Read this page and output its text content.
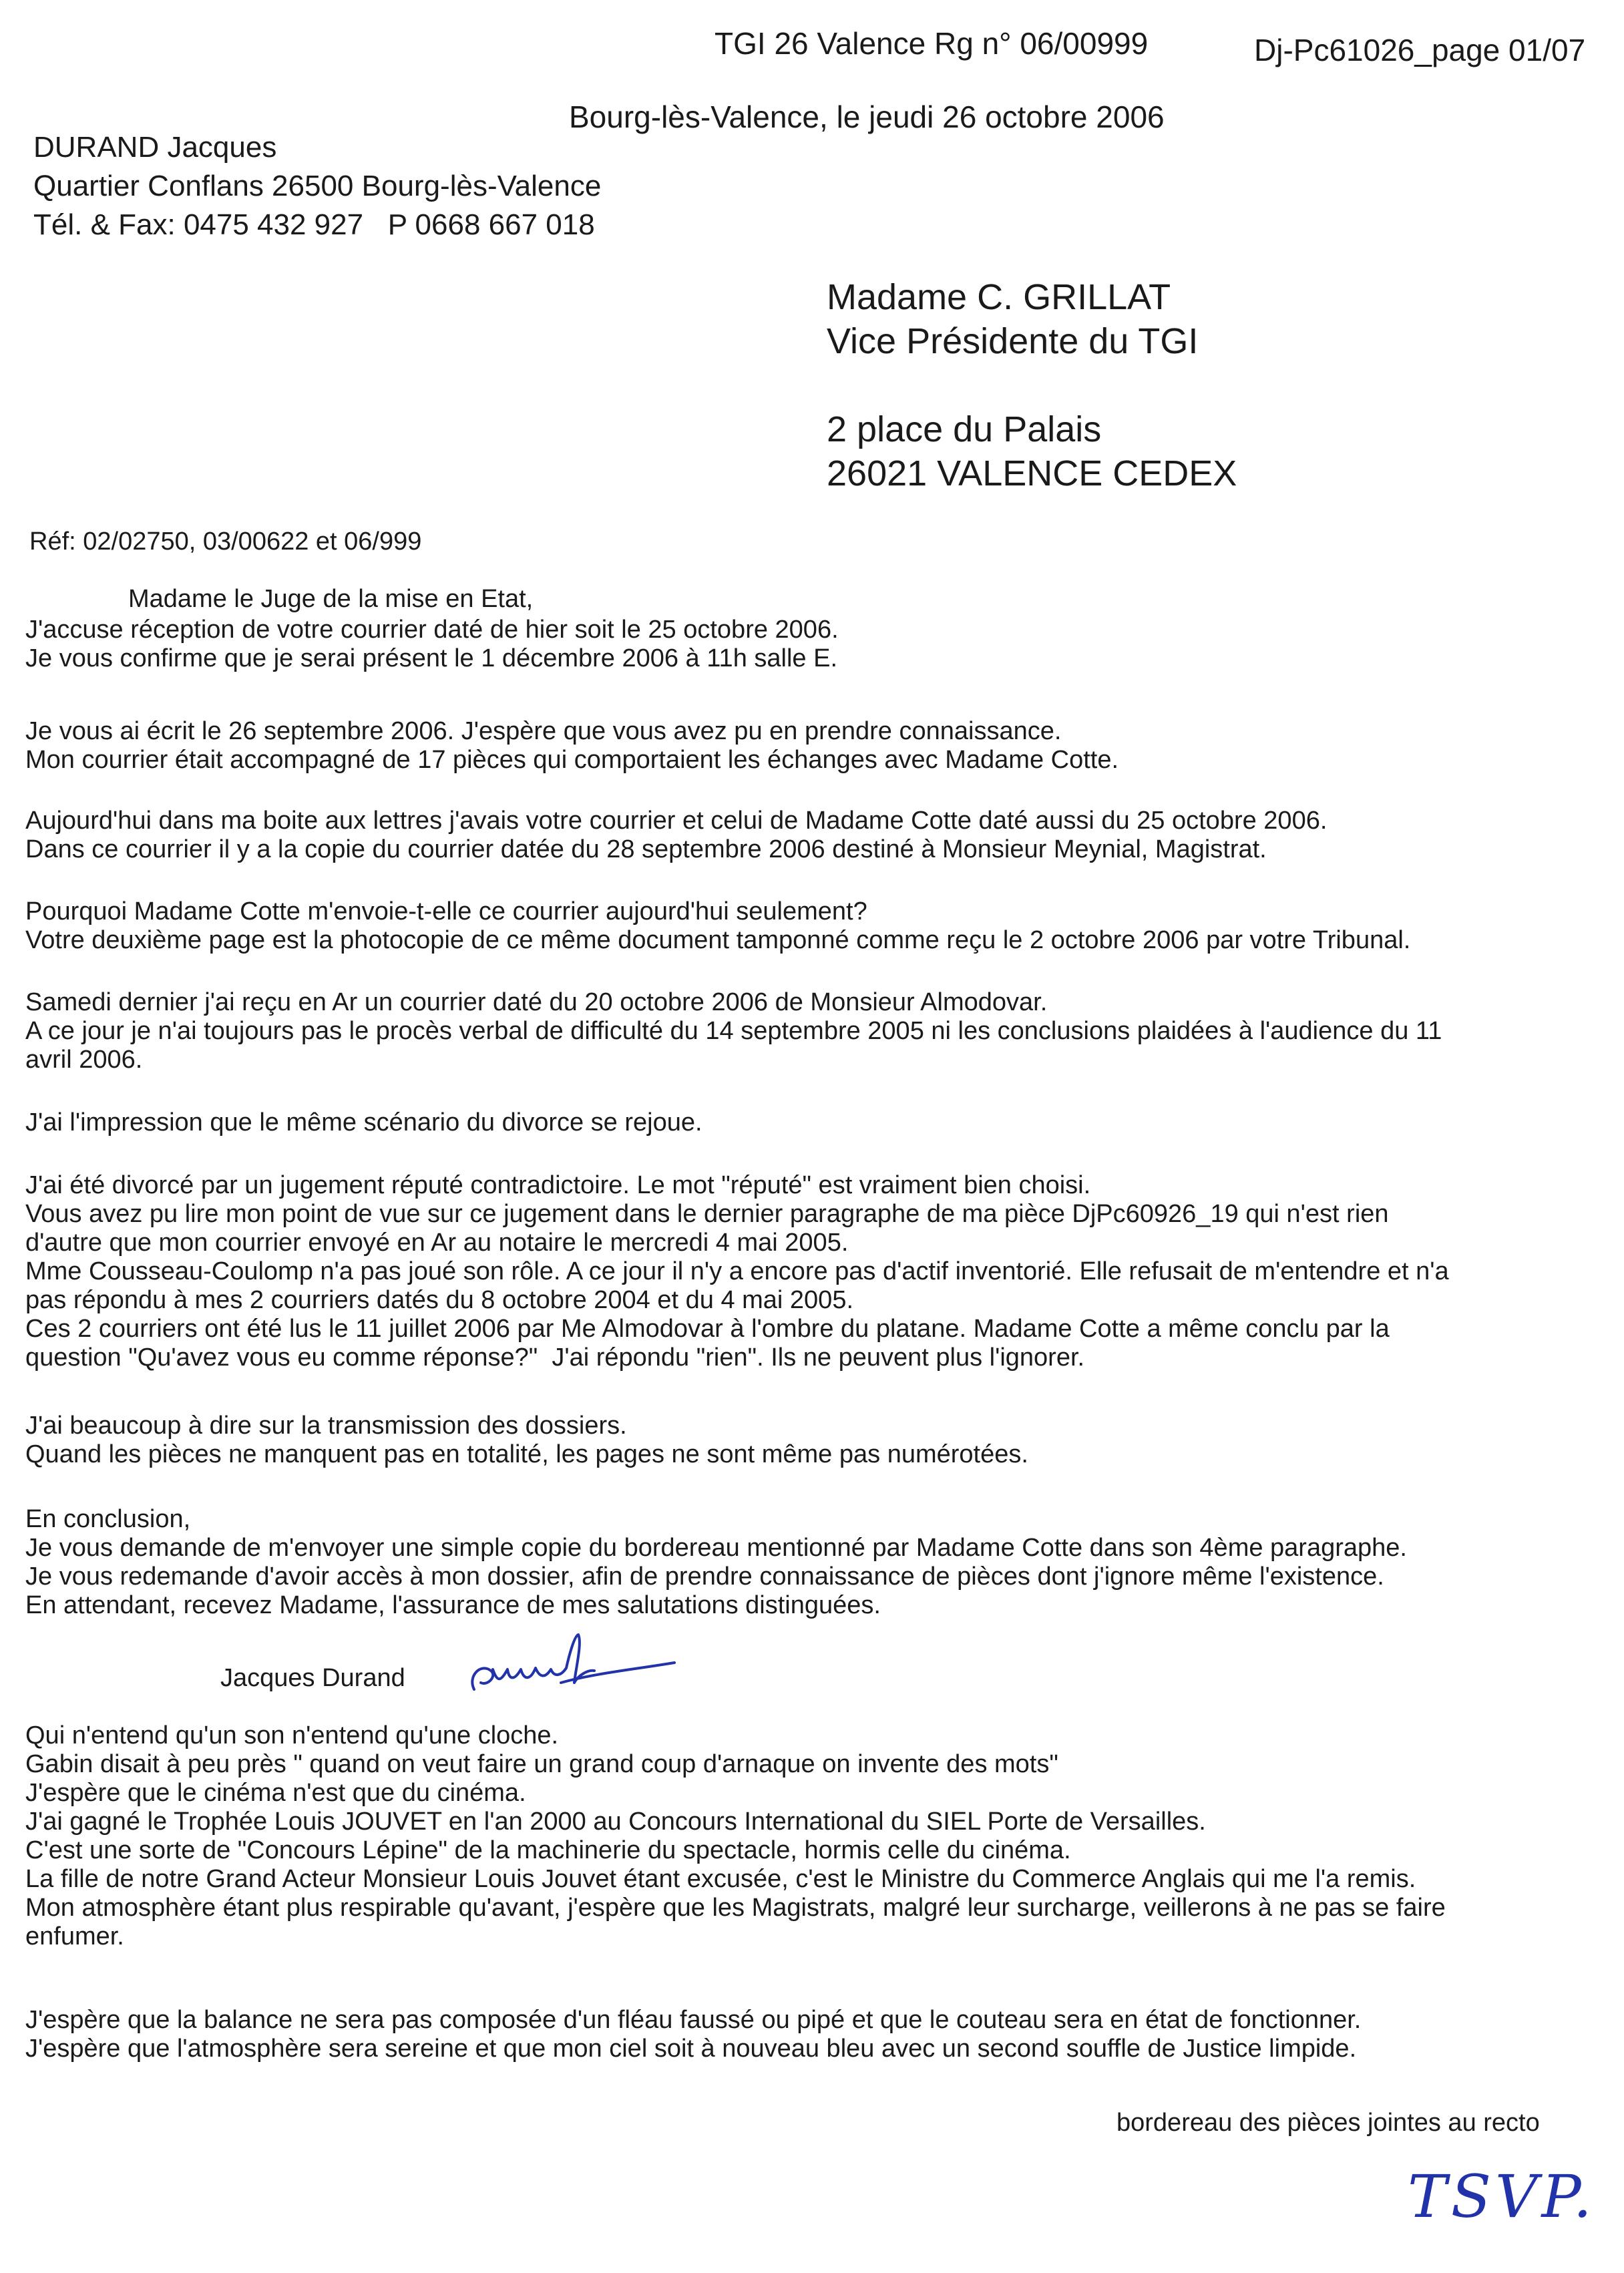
TGI 26 Valence Rg n° 06/00999	Dj-Pc61026_page 01/07
Bourg-lès-Valence, le jeudi 26 octobre 2006
DURAND Jacques
Quartier Conflans 26500 Bourg-lès-Valence
Tél. & Fax: 0475 432 927   P 0668 667 018
Madame C. GRILLAT
Vice Présidente du TGI
2 place du Palais
26021 VALENCE CEDEX
Réf: 02/02750, 03/00622 et 06/999
Madame le Juge de la mise en Etat,
J'accuse réception de votre courrier daté de hier soit le 25 octobre 2006.
Je vous confirme que je serai présent le 1 décembre 2006 à 11h salle E.
Je vous ai écrit le 26 septembre 2006. J'espère que vous avez pu en prendre connaissance.
Mon courrier était accompagné de 17 pièces qui comportaient les échanges avec Madame Cotte.
Aujourd'hui dans ma boite aux lettres j'avais votre courrier et celui de Madame Cotte daté aussi du 25 octobre 2006.
Dans ce courrier il y a la copie du courrier datée du 28 septembre 2006 destiné à Monsieur Meynial, Magistrat.
Pourquoi Madame Cotte m'envoie-t-elle ce courrier aujourd'hui seulement?
Votre deuxième page est la photocopie de ce même document tamponné comme reçu le 2 octobre 2006 par votre Tribunal.
Samedi dernier j'ai reçu en Ar un courrier daté du 20 octobre 2006 de Monsieur Almodovar.
A ce jour je n'ai toujours pas le procès verbal de difficulté du 14 septembre 2005 ni les conclusions plaidées à l'audience du 11
avril 2006.
J'ai l'impression que le même scénario du divorce se rejoue.
J'ai été divorcé par un jugement réputé contradictoire. Le mot "réputé" est vraiment bien choisi.
Vous avez pu lire mon point de vue sur ce jugement dans le dernier paragraphe de ma pièce DjPc60926_19 qui n'est rien
d'autre que mon courrier envoyé en Ar au notaire le mercredi 4 mai 2005.
Mme Cousseau-Coulomp n'a pas joué son rôle. A ce jour il n'y a encore pas d'actif inventorié. Elle refusait de m'entendre et n'a
pas répondu à mes 2 courriers datés du 8 octobre 2004 et du 4 mai 2005.
Ces 2 courriers ont été lus le 11 juillet 2006 par Me Almodovar à l'ombre du platane. Madame Cotte a même conclu par la
question "Qu'avez vous eu comme réponse?"  J'ai répondu "rien". Ils ne peuvent plus l'ignorer.
J'ai beaucoup à dire sur la transmission des dossiers.
Quand les pièces ne manquent pas en totalité, les pages ne sont même pas numérotées.
En conclusion,
Je vous demande de m'envoyer une simple copie du bordereau mentionné par Madame Cotte dans son 4ème paragraphe.
Je vous redemande d'avoir accès à mon dossier, afin de prendre connaissance de pièces dont j'ignore même l'existence.
En attendant, recevez Madame, l'assurance de mes salutations distinguées.
Jacques Durand
Qui n'entend qu'un son n'entend qu'une cloche.
Gabin disait à peu près " quand on veut faire un grand coup d'arnaque on invente des mots"
J'espère que le cinéma n'est que du cinéma.
J'ai gagné le Trophée Louis JOUVET en l'an 2000 au Concours International du SIEL Porte de Versailles.
C'est une sorte de "Concours Lépine" de la machinerie du spectacle, hormis celle du cinéma.
La fille de notre Grand Acteur Monsieur Louis Jouvet étant excusée, c'est le Ministre du Commerce Anglais qui me l'a remis.
Mon atmosphère étant plus respirable qu'avant, j'espère que les Magistrats, malgré leur surcharge, veillerons à ne pas se faire
enfumer.
J'espère que la balance ne sera pas composée d'un fléau faussé ou pipé et que le couteau sera en état de fonctionner.
J'espère que l'atmosphère sera sereine et que mon ciel soit à nouveau bleu avec un second souffle de Justice limpide.
bordereau des pièces jointes au recto
TSVP.
